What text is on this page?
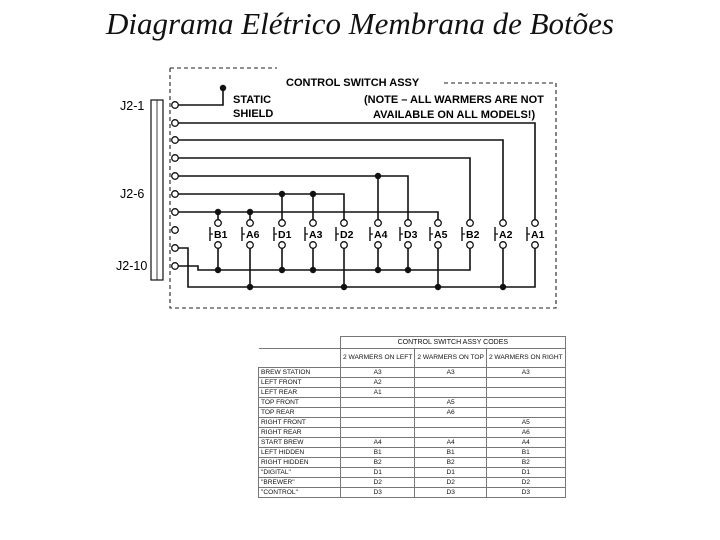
Diagrama Elétrico Membrana de Botões
CONTROL SWITCH ASSY
(NOTE – ALL WARMERS ARE NOT
AVAILABLE ON ALL MODELS!)
STATIC
SHIELD
J2-1
J2-6
J2-10
B1 A6 D1 A3 D2 A4 D3 A5 B2 A2 A1
	CONTROL SWITCH ASSY CODES		
	2 WARMERS ON LEFT	2 WARMERS ON TOP	2 WARMERS ON RIGHT
BREW STATION	A3	A3	A3
LEFT FRONT	A2		
LEFT REAR	A1		
TOP FRONT		A5	
TOP REAR		A6	
RIGHT FRONT			A5
RIGHT REAR			A6
START BREW	A4	A4	A4
LEFT HIDDEN	B1	B1	B1
RIGHT HIDDEN	B2	B2	B2
"DIGITAL"	D1	D1	D1
"BREWER"	D2	D2	D2
"CONTROL"	D3	D3	D3
